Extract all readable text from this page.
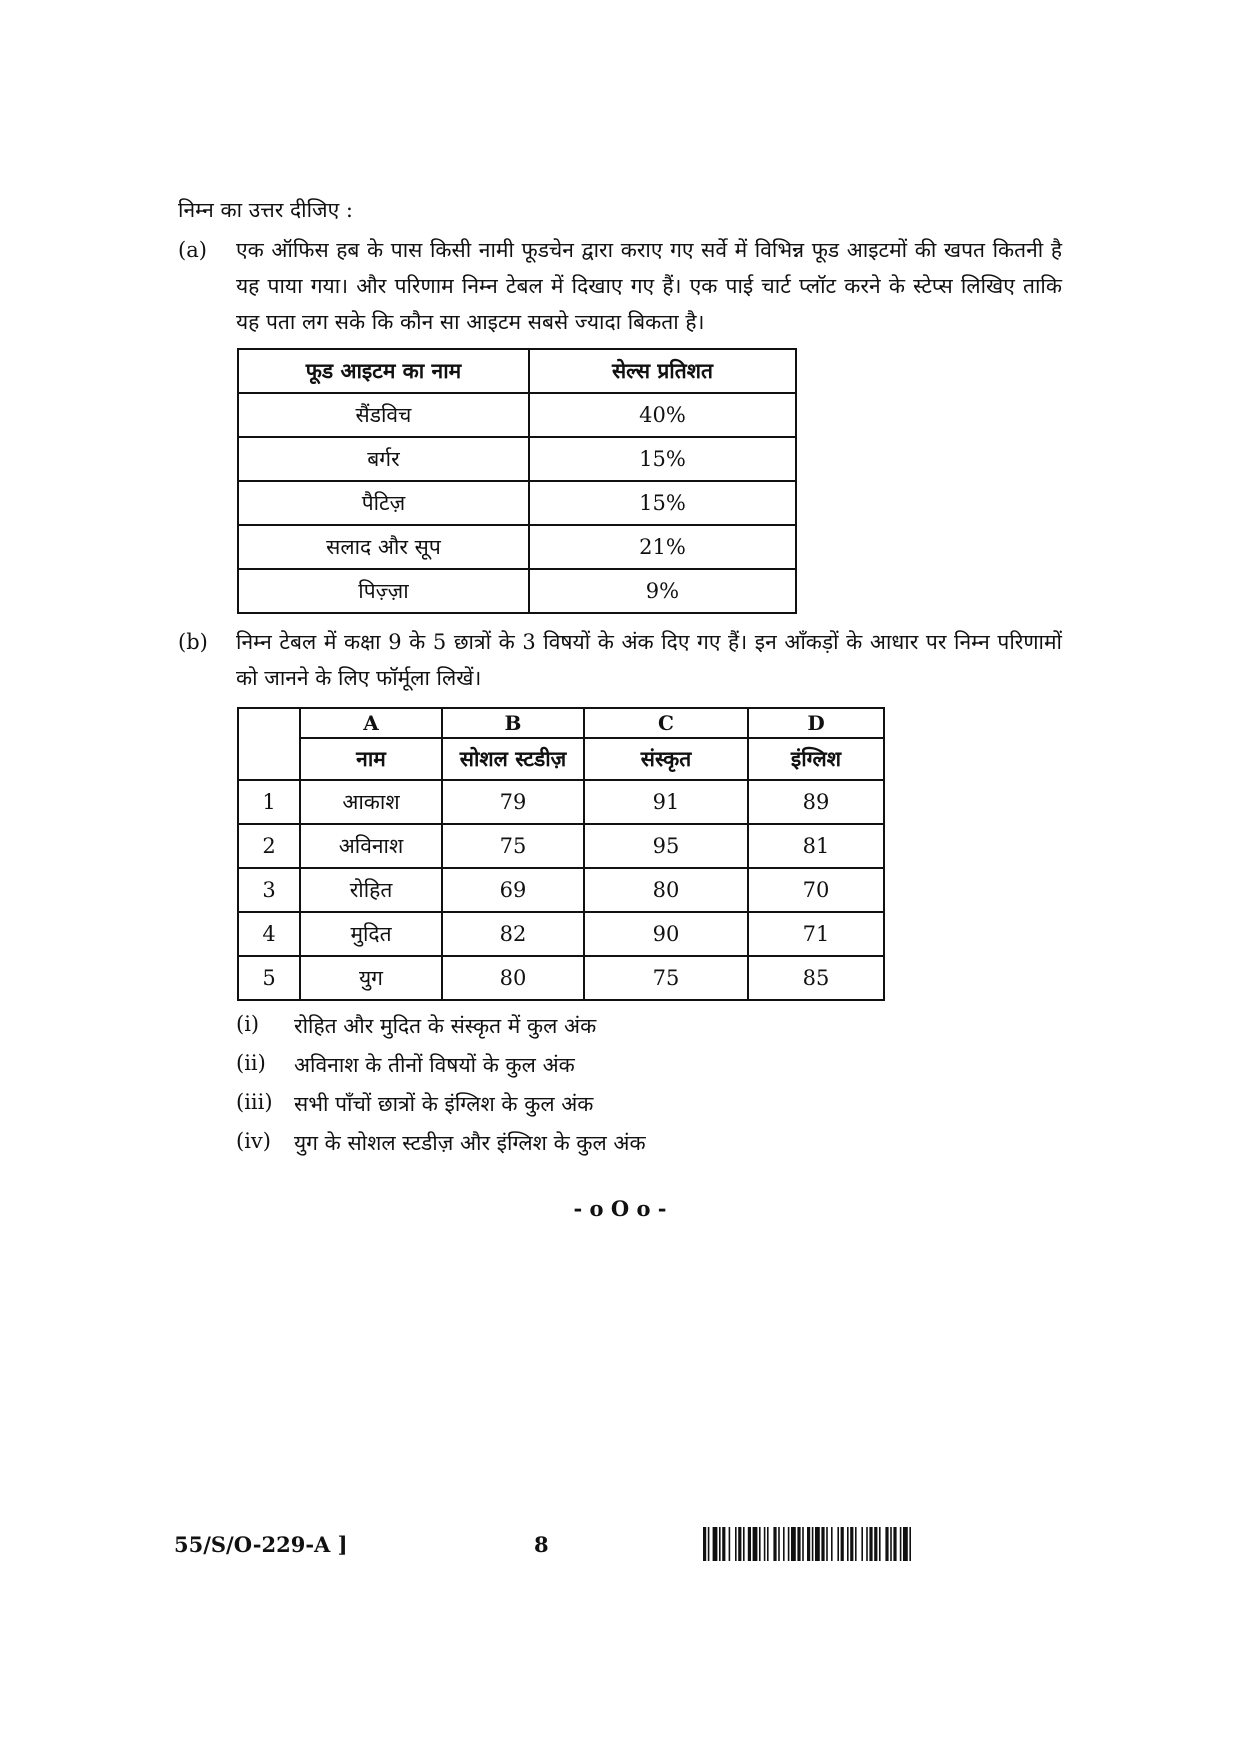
निम्न का उत्तर दीजिए :
(a) एक ऑफिस हब के पास किसी नामी फूडचेन द्वारा कराए गए सर्वे में विभिन्न फूड आइटमों की खपत कितनी है यह पाया गया। और परिणाम निम्न टेबल में दिखाए गए हैं। एक पाई चार्ट प्लॉट करने के स्टेप्स लिखिए ताकि यह पता लग सके कि कौन सा आइटम सबसे ज्यादा बिकता है।
फूड आइटम का नाम	सेल्स प्रतिशत
सैंडविच	40%
बर्गर	15%
पैटिज़	15%
सलाद और सूप	21%
पिज़्ज़ा	9%
(b) निम्न टेबल में कक्षा 9 के 5 छात्रों के 3 विषयों के अंक दिए गए हैं। इन आँकड़ों के आधार पर निम्न परिणामों को जानने के लिए फॉर्मूला लिखें।
	A	B	C	D
	नाम	सोशल स्टडीज़	संस्कृत	इंग्लिश
1	आकाश	79	91	89
2	अविनाश	75	95	81
3	रोहित	69	80	70
4	मुदित	82	90	71
5	युग	80	75	85
(i)	रोहित और मुदित के संस्कृत में कुल अंक
(ii)	अविनाश के तीनों विषयों के कुल अंक
(iii)	सभी पाँचों छात्रों के इंग्लिश के कुल अंक
(iv)	युग के सोशल स्टडीज़ और इंग्लिश के कुल अंक
- o O o -
55/S/O-229-A ]	8
